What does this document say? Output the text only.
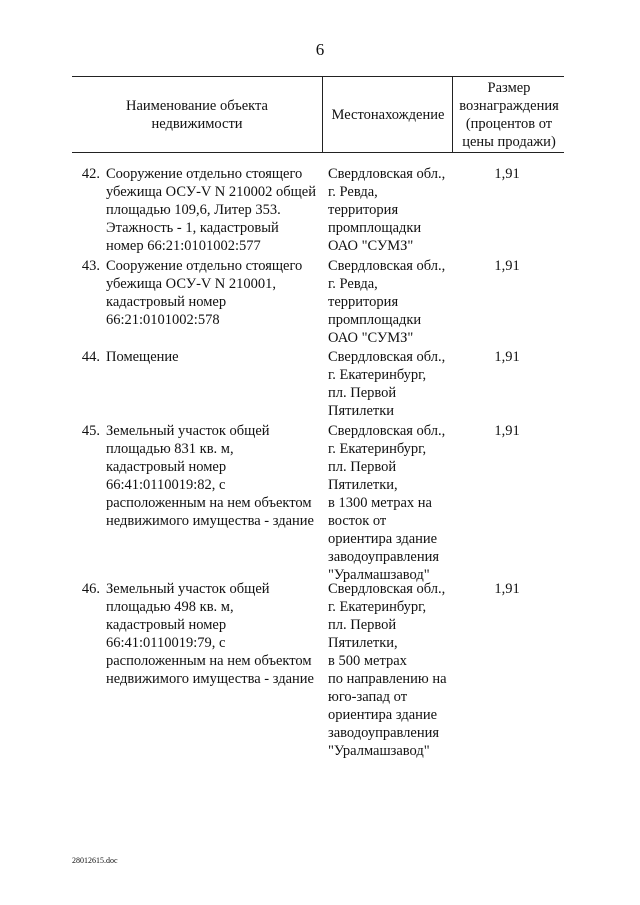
6
Наименование объекта
недвижимости
Местонахождение
Размер
вознаграждения
(процентов от
цены продажи)
42. Сооружение отдельно стоящего
убежища ОСУ-V N 210002 общей
площадью 109,6, Литер 353.
Этажность - 1, кадастровый
номер 66:21:0101002:577
Свердловская обл.,
г. Ревда,
территория
промплощадки
ОАО "СУМЗ"
1,91
43. Сооружение отдельно стоящего
убежища ОСУ-V N 210001,
кадастровый номер
66:21:0101002:578
Свердловская обл.,
г. Ревда,
территория
промплощадки
ОАО "СУМЗ"
1,91
44. Помещение	Свердловская обл.,
г. Екатеринбург,
пл. Первой
Пятилетки
1,91
45. Земельный участок общей
площадью 831 кв. м,
кадастровый номер
66:41:0110019:82, с
расположенным на нем объектом
недвижимого имущества - здание
Свердловская обл.,
г. Екатеринбург,
пл. Первой
Пятилетки,
в 1300 метрах на
восток от
ориентира здание
заводоуправления
"Уралмашзавод"
1,91
46. Земельный участок общей
площадью 498 кв. м,
кадастровый номер
66:41:0110019:79, с
расположенным на нем объектом
недвижимого имущества - здание
Свердловская обл.,
г. Екатеринбург,
пл. Первой
Пятилетки,
в 500 метрах
по направлению на
юго-запад от
ориентира здание
заводоуправления
"Уралмашзавод"
1,91
28012615.doc
